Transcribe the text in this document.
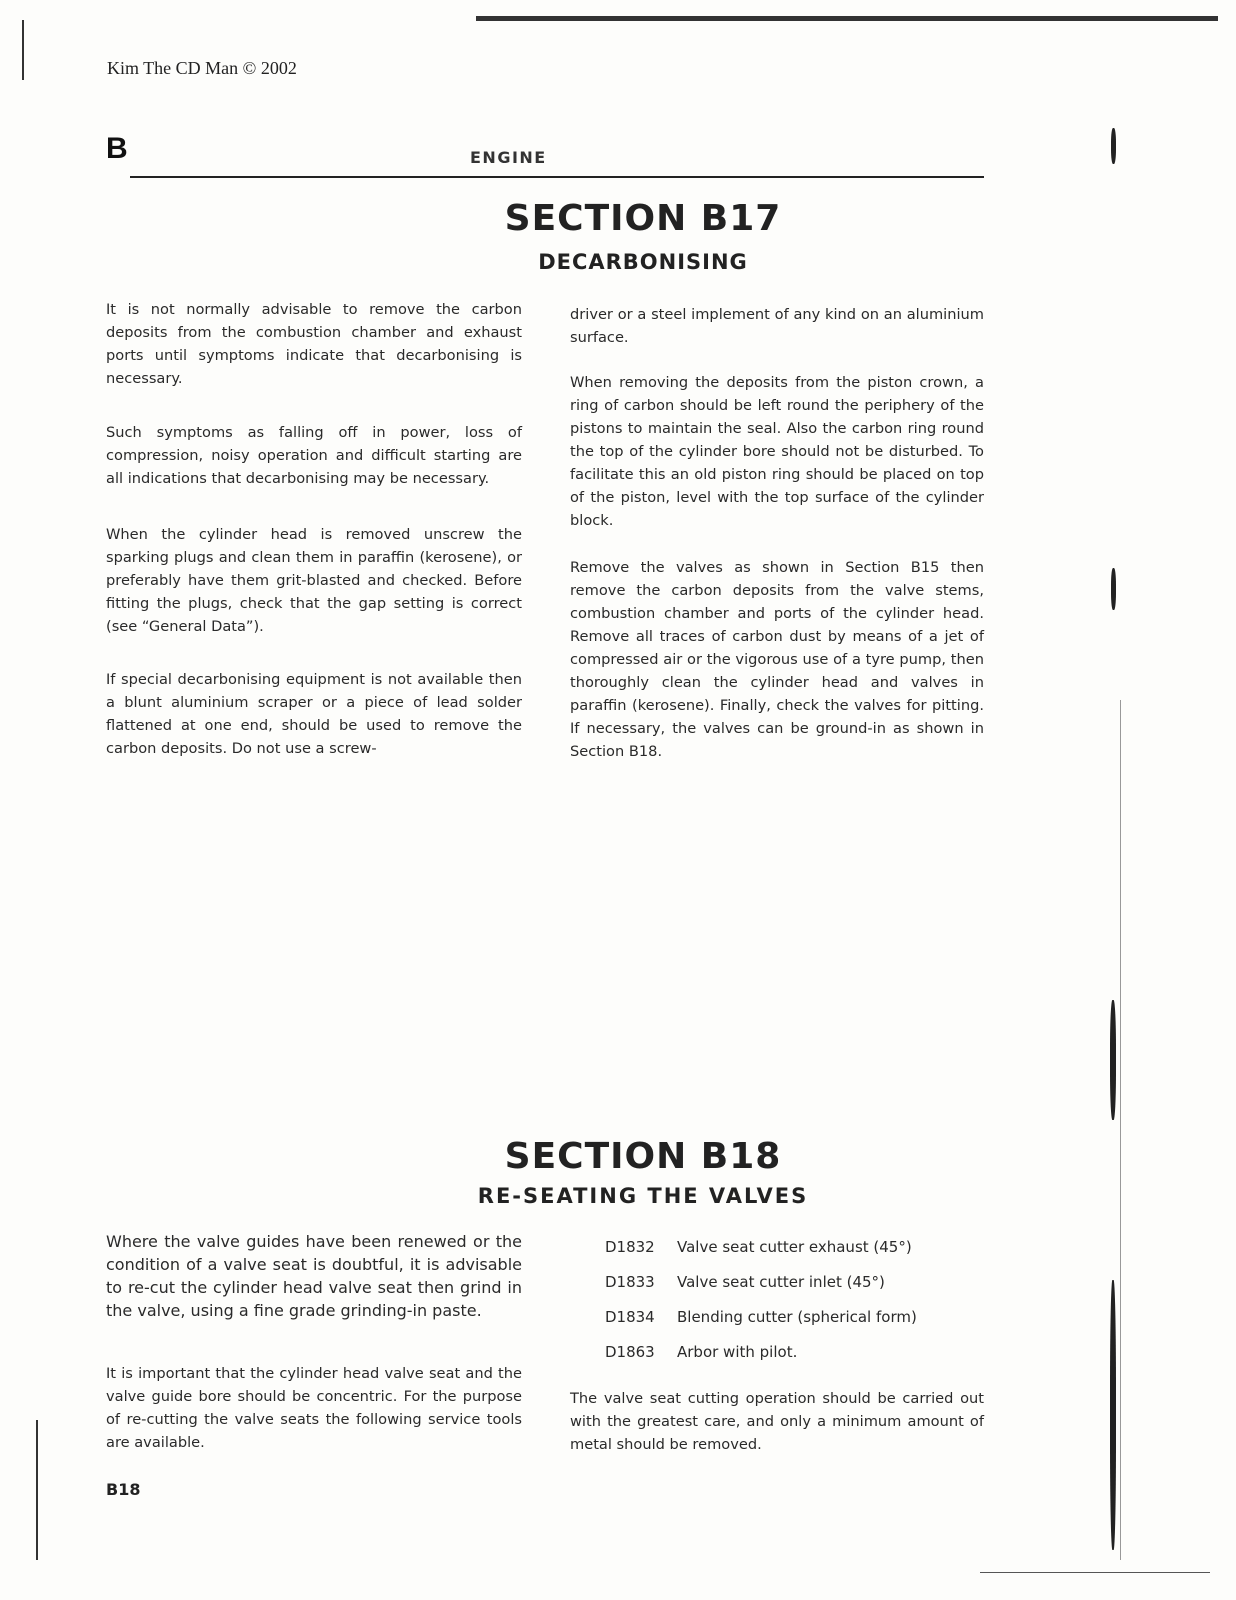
Kim The CD Man © 2002
B	ENGINE
SECTION B17
DECARBONISING

It is not normally advisable to remove the carbon deposits from the combustion chamber and exhaust ports until symptoms indicate that decarbonising is necessary.

Such symptoms as falling off in power, loss of compression, noisy operation and difficult starting are all indications that decarbonising may be necessary.

When the cylinder head is removed unscrew the sparking plugs and clean them in paraffin (kerosene), or preferably have them grit-blasted and checked. Before fitting the plugs, check that the gap setting is correct (see “General Data”).

If special decarbonising equipment is not available then a blunt aluminium scraper or a piece of lead solder flattened at one end, should be used to remove the carbon deposits. Do not use a screw-

driver or a steel implement of any kind on an aluminium surface.

When removing the deposits from the piston crown, a ring of carbon should be left round the periphery of the pistons to maintain the seal. Also the carbon ring round the top of the cylinder bore should not be disturbed. To facilitate this an old piston ring should be placed on top of the piston, level with the top surface of the cylinder block.

Remove the valves as shown in Section B15 then remove the carbon deposits from the valve stems, combustion chamber and ports of the cylinder head. Remove all traces of carbon dust by means of a jet of compressed air or the vigorous use of a tyre pump, then thoroughly clean the cylinder head and valves in paraffin (kerosene). Finally, check the valves for pitting. If necessary, the valves can be ground-in as shown in Section B18.

SECTION B18
RE-SEATING THE VALVES

Where the valve guides have been renewed or the condition of a valve seat is doubtful, it is advisable to re-cut the cylinder head valve seat then grind in the valve, using a fine grade grinding-in paste.

It is important that the cylinder head valve seat and the valve guide bore should be concentric. For the purpose of re-cutting the valve seats the following service tools are available.

D1832	Valve seat cutter exhaust (45°)
D1833	Valve seat cutter inlet (45°)
D1834	Blending cutter (spherical form)
D1863	Arbor with pilot.

The valve seat cutting operation should be carried out with the greatest care, and only a minimum amount of metal should be removed.

B18
